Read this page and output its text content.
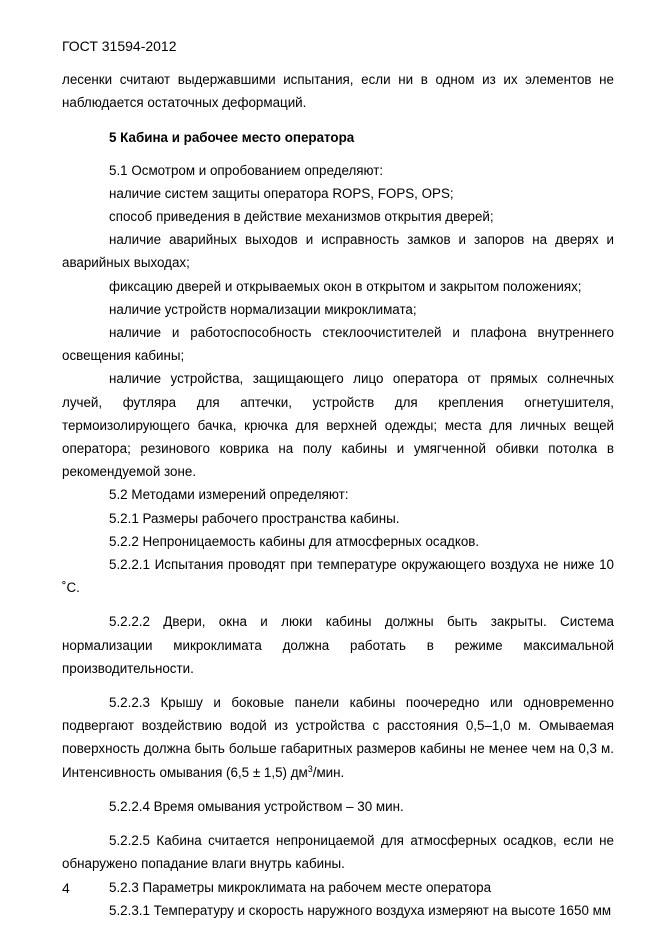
ГОСТ 31594-2012

лесенки считают выдержавшими испытания, если ни в одном из их элементов не наблюдается остаточных деформаций.

5 Кабина и рабочее место оператора

5.1 Осмотром и опробованием определяют:

наличие систем защиты оператора ROPS, FOPS, OPS;

способ приведения в действие механизмов открытия дверей;

наличие аварийных выходов и исправность замков и запоров на дверях и аварийных выходах;

фиксацию дверей и открываемых окон в открытом и закрытом положениях;

наличие устройств нормализации микроклимата;

наличие и работоспособность стеклоочистителей и плафона внутреннего освещения кабины;

наличие устройства, защищающего лицо оператора от прямых солнечных лучей, футляра для аптечки, устройств для крепления огнетушителя, термоизолирующего бачка, крючка для верхней одежды; места для личных вещей оператора; резинового коврика на полу кабины и умягченной обивки потолка в рекомендуемой зоне.

5.2 Методами измерений определяют:

5.2.1 Размеры рабочего пространства кабины.

5.2.2 Непроницаемость кабины для атмосферных осадков.

5.2.2.1 Испытания проводят при температуре окружающего воздуха не ниже 10 ˚С.

5.2.2.2 Двери, окна и люки кабины должны быть закрыты. Система нормализации микроклимата должна работать в режиме максимальной производительности.

5.2.2.3 Крышу и боковые панели кабины поочередно или одновременно подвергают воздействию водой из устройства с расстояния 0,5–1,0 м. Омываемая поверхность должна быть больше габаритных размеров кабины не менее чем на 0,3 м. Интенсивность омывания (6,5 ± 1,5) $дм^3$/мин.

5.2.2.4 Время омывания устройством – 30 мин.

5.2.2.5 Кабина считается непроницаемой для атмосферных осадков, если не обнаружено попадание влаги внутрь кабины.

5.2.3 Параметры микроклимата на рабочем месте оператора

5.2.3.1 Температуру и скорость наружного воздуха измеряют на высоте 1650 мм

4
